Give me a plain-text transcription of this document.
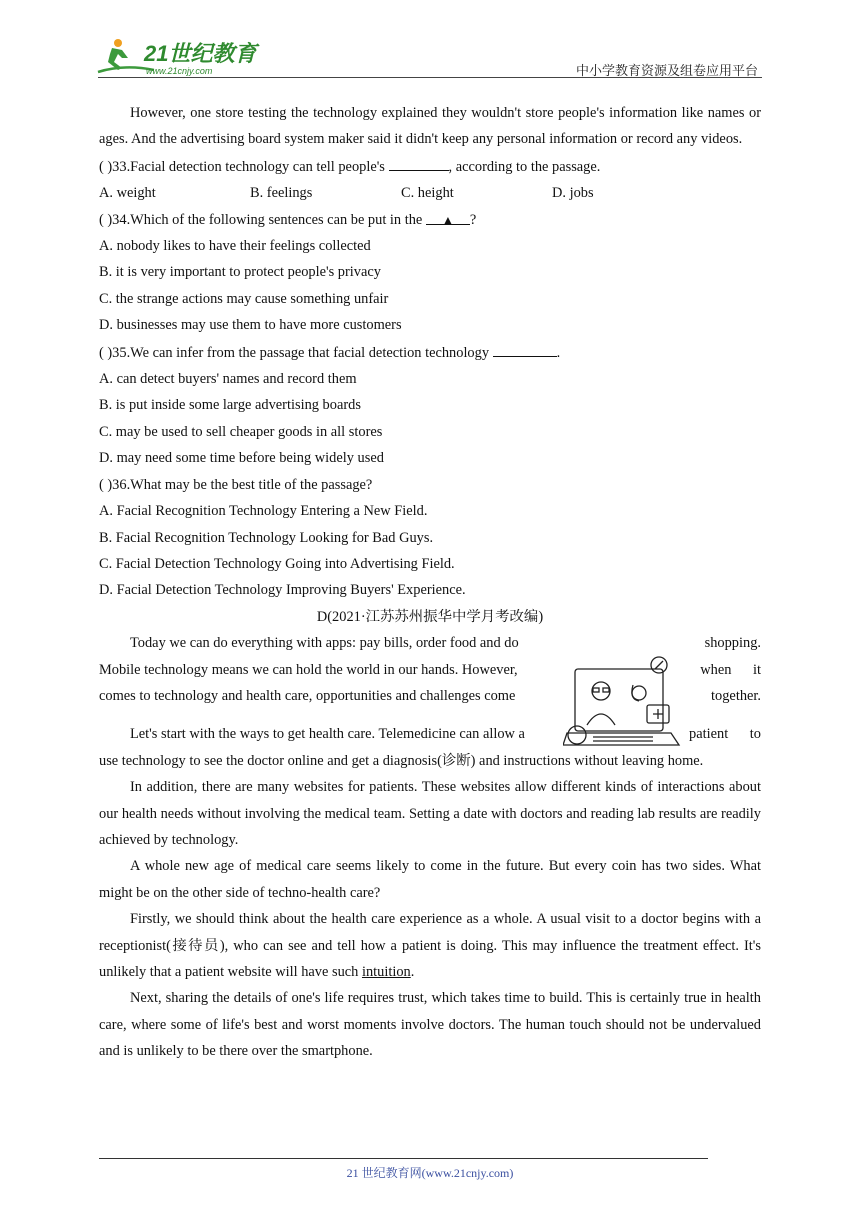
21世纪教育
www.21cnjy.com	中小学教育资源及组卷应用平台

However, one store testing the technology explained they wouldn't store people's information like names or ages. And the advertising board system maker said it didn't keep any personal information or record any videos.

( )33.Facial detection technology can tell people's	, according to the passage.

A. weight	B. feelings	C. height	D. jobs

( )34.Which of the following sentences can be put in the ▲ ?

A. nobody likes to have their feelings collected

B. it is very important to protect people's privacy

C. the strange actions may cause something unfair

D. businesses may use them to have more customers

( )35.We can infer from the passage that facial detection technology	.

A. can detect buyers' names and record them

B. is put inside some large advertising boards

C. may be used to sell cheaper goods in all stores

D. may need some time before being widely used

( )36.What may be the best title of the passage?

A. Facial Recognition Technology Entering a New Field.

B. Facial Recognition Technology Looking for Bad Guys.

C. Facial Detection Technology Going into Advertising Field.

D. Facial Detection Technology Improving Buyers' Experience.

D(2021·江苏苏州振华中学月考改编)

Today we can do everything with apps: pay bills, order food and do	shopping.
Mobile technology means we can hold the world in our hands. However,	when      it
comes to technology and health care, opportunities and challenges come	together.
Let's start with the ways to get health care. Telemedicine can allow a	patient      to

use technology to see the doctor online and get a diagnosis(诊断) and instructions without leaving home.

In addition, there are many websites for patients. These websites allow different kinds of interactions about our health needs without involving the medical team. Setting a date with doctors and reading lab results are readily achieved by technology.

A whole new age of medical care seems likely to come in the future. But every coin has two sides. What might be on the other side of techno-health care?

Firstly, we should think about the health care experience as a whole. A usual visit to a doctor begins with a receptionist(接待员), who can see and tell how a patient is doing. This may influence the treatment effect. It's unlikely that a patient website will have such intuition.

Next, sharing the details of one's life requires trust, which takes time to build. This is certainly true in health care, where some of life's best and worst moments involve doctors. The human touch should not be undervalued and is unlikely to be there over the smartphone.

21 世纪教育网(www.21cnjy.com)
